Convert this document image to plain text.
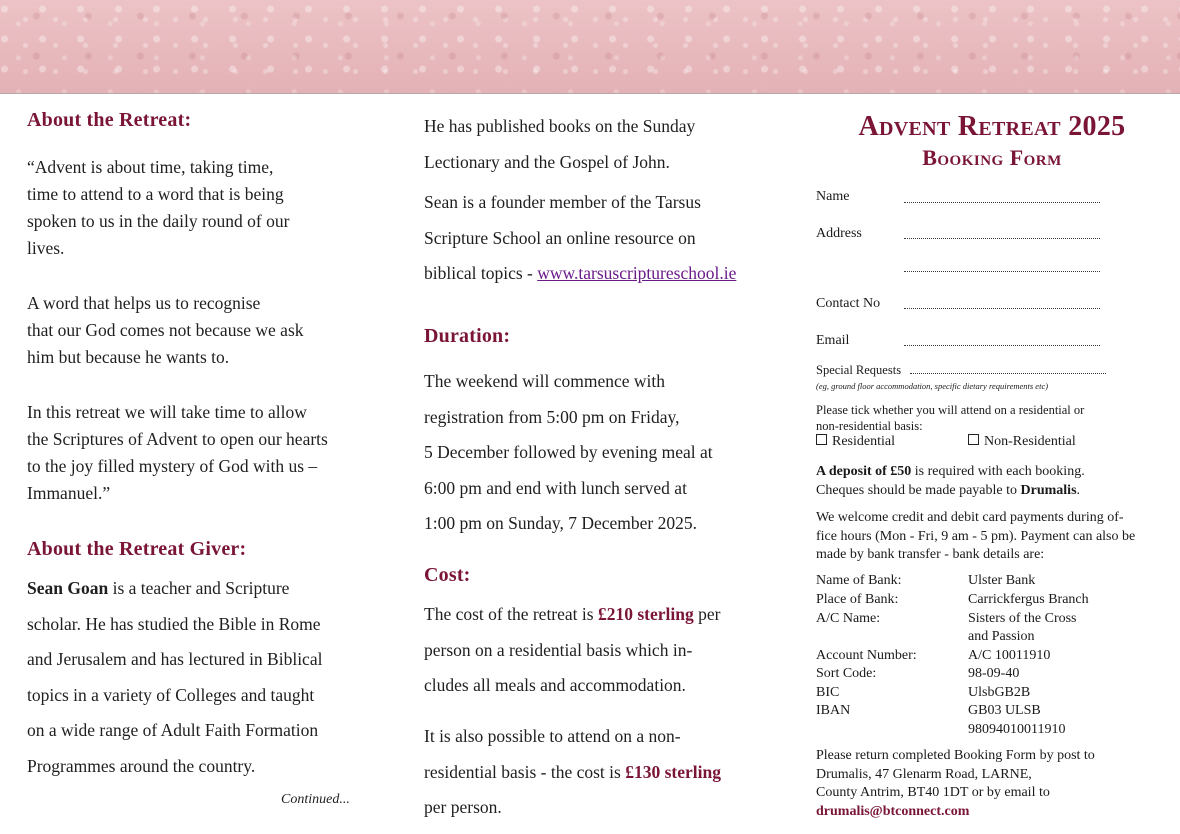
About the Retreat:
“Advent is about time, taking time,
time to attend to a word that is being
spoken to us in the daily round of our
lives.
A word that helps us to recognise
that our God comes not because we ask
him but because he wants to.
In this retreat we will take time to allow
the Scriptures of Advent to open our hearts
to the joy filled mystery of God with us –
Immanuel.”
About the Retreat Giver:
Sean Goan is a teacher and Scripture
scholar. He has studied the Bible in Rome
and Jerusalem and has lectured in Biblical
topics in a variety of Colleges and taught
on a wide range of Adult Faith Formation
Programmes around the country.
Continued...
He has published books on the Sunday
Lectionary and the Gospel of John.
Sean is a founder member of the Tarsus
Scripture School an online resource on
biblical topics - www.tarsuscriptureschool.ie
Duration:
The weekend will commence with
registration from 5:00 pm on Friday,
5 December followed by evening meal at
6:00 pm and end with lunch served at
1:00 pm on Sunday, 7 December 2025.
Cost:
The cost of the retreat is £210 sterling per
person on a residential basis which in-
cludes all meals and accommodation.
It is also possible to attend on a non-
residential basis - the cost is £130 sterling
per person.
Advent Retreat 2025
Booking Form
Name
Address
Contact No
Email
Special Requests
(eg, ground floor accommodation, specific dietary requirements etc)
Please tick whether you will attend on a residential or
non-residential basis:
Residential	Non-Residential
A deposit of £50 is required with each booking.
Cheques should be made payable to Drumalis.
We welcome credit and debit card payments during of-
fice hours (Mon - Fri, 9 am - 5 pm). Payment can also be
made by bank transfer - bank details are:
Name of Bank:	Ulster Bank
Place of Bank:	Carrickfergus Branch
A/C Name:	Sisters of the Cross
and Passion
Account Number:	A/C 10011910
Sort Code:	98-09-40
BIC	UlsbGB2B
IBAN	GB03 ULSB
98094010011910
Please return completed Booking Form by post to
Drumalis, 47 Glenarm Road, LARNE,
County Antrim, BT40 1DT or by email to
drumalis@btconnect.com
